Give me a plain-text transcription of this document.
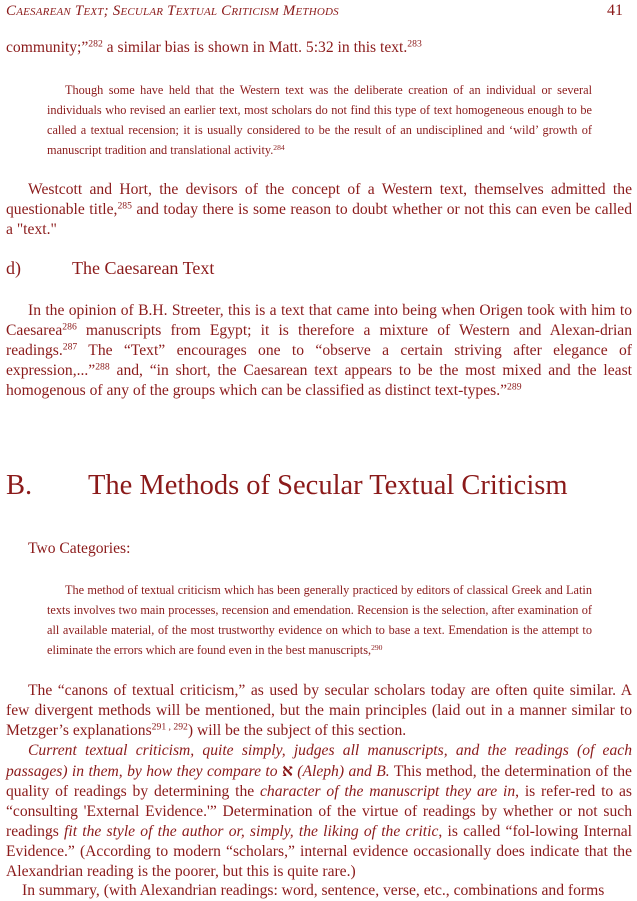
Caesarean Text; Secular Textual Criticism Methods	41

community;”$^{282}$ a similar bias is shown in Matt. 5:32 in this text.$^{283}$

Though some have held that the Western text was the deliberate creation of an individual or several individuals who revised an earlier text, most scholars do not find this type of text homogeneous enough to be called a textual recension; it is usually considered to be the result of an undisciplined and ‘wild’ growth of manuscript tradition and translational activity.$^{284}$

Westcott and Hort, the devisors of the concept of a Western text, themselves admitted the questionable title,$^{285}$ and today there is some reason to doubt whether or not this can even be called a "text."

d)	The Caesarean Text

In the opinion of B.H. Streeter, this is a text that came into being when Origen took with him to Caesarea$^{286}$ manuscripts from Egypt; it is therefore a mixture of Western and Alexan-drian readings.$^{287}$ The “Text” encourages one to “observe a certain striving after elegance of expression,...”$^{288}$ and, “in short, the Caesarean text appears to be the most mixed and the least homogenous of any of the groups which can be classified as distinct text-types.”$^{289}$

B. The Methods of Secular Textual Criticism
Two Categories:

The method of textual criticism which has been generally practiced by editors of classical Greek and Latin texts involves two main processes, recension and emendation. Recension is the selection, after examination of all available material, of the most trustworthy evidence on which to base a text. Emendation is the attempt to eliminate the errors which are found even in the best manuscripts,$^{290}$

The “canons of textual criticism,” as used by secular scholars today are often quite similar. A few divergent methods will be mentioned, but the main principles (laid out in a manner similar to Metzger’s explanations$^{291}$ , $^{292}$) will be the subject of this section.

Current textual criticism, quite simply, judges all manuscripts, and the readings (of each passages) in them, by how they compare to א (Aleph) and B. This method, the determination of the quality of readings by determining the character of the manuscript they are in, is refer-red to as “consulting 'External Evidence.'” Determination of the virtue of readings by whether or not such readings fit the style of the author or, simply, the liking of the critic, is called “fol-lowing Internal Evidence.” (According to modern “scholars,” internal evidence occasionally does indicate that the Alexandrian reading is the poorer, but this is quite rare.)

In summary, (with Alexandrian readings: word, sentence, verse, etc., combinations and forms
